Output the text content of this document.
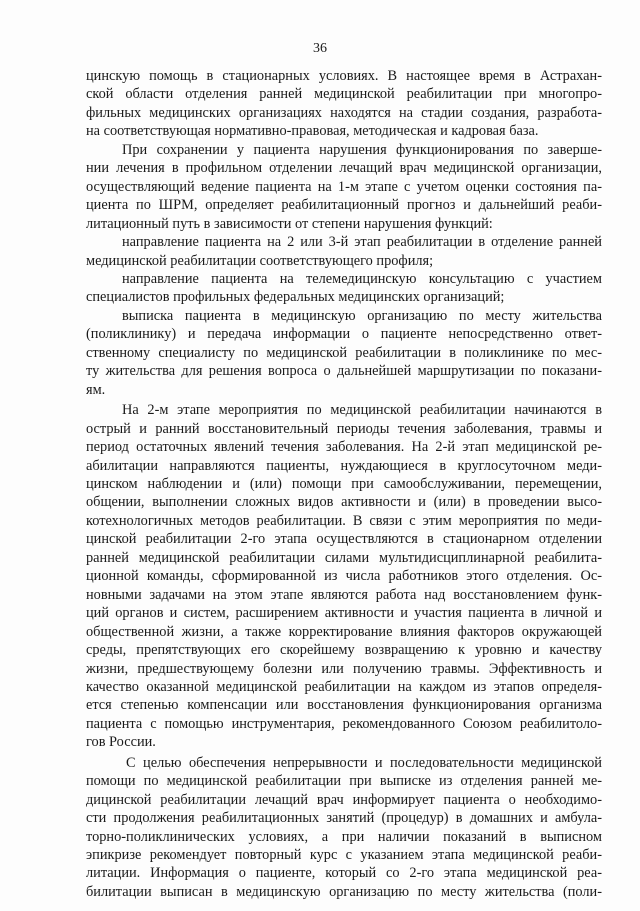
36
цинскую помощь в стационарных условиях. В настоящее время в Астрахан-
ской области отделения ранней медицинской реабилитации при многопро-
фильных медицинских организациях находятся на стадии создания, разработа-
на соответствующая нормативно-правовая, методическая и кадровая база.
При сохранении у пациента нарушения функционирования по заверше-
нии лечения в профильном отделении лечащий врач медицинской организации,
осуществляющий ведение пациента на 1-м этапе с учетом оценки состояния па-
циента по ШРМ, определяет реабилитационный прогноз и дальнейший реаби-
литационный путь в зависимости от степени нарушения функций:
направление пациента на 2 или 3-й этап реабилитации в отделение ранней
медицинской реабилитации соответствующего профиля;
направление пациента на телемедицинскую консультацию с участием
специалистов профильных федеральных медицинских организаций;
выписка пациента в медицинскую организацию по месту жительства
(поликлинику) и передача информации о пациенте непосредственно ответ-
ственному специалисту по медицинской реабилитации в поликлинике по мес-
ту жительства для решения вопроса о дальнейшей маршрутизации по показани-
ям.
На 2-м этапе мероприятия по медицинской реабилитации начинаются в
острый и ранний восстановительный периоды течения заболевания, травмы и
период остаточных явлений течения заболевания. На 2-й этап медицинской ре-
абилитации направляются пациенты, нуждающиеся в круглосуточном меди-
цинском наблюдении и (или) помощи при самообслуживании, перемещении,
общении, выполнении сложных видов активности и (или) в проведении высо-
котехнологичных методов реабилитации. В связи с этим мероприятия по меди-
цинской реабилитации 2-го этапа осуществляются в стационарном отделении
ранней медицинской реабилитации силами мультидисциплинарной реабилита-
ционной команды, сформированной из числа работников этого отделения. Ос-
новными задачами на этом этапе являются работа над восстановлением функ-
ций органов и систем, расширением активности и участия пациента в личной и
общественной жизни, а также корректирование влияния факторов окружающей
среды, препятствующих его скорейшему возвращению к уровню и качеству
жизни, предшествующему болезни или получению травмы. Эффективность и
качество оказанной медицинской реабилитации на каждом из этапов определя-
ется степенью компенсации или восстановления функционирования организма
пациента с помощью инструментария, рекомендованного Союзом реабилитоло-
гов России.
С целью обеспечения непрерывности и последовательности медицинской
помощи по медицинской реабилитации при выписке из отделения ранней ме-
дицинской реабилитации лечащий врач информирует пациента о необходимо-
сти продолжения реабилитационных занятий (процедур) в домашних и амбула-
торно-поликлинических условиях, а при наличии показаний в выписном
эпикризе рекомендует повторный курс с указанием этапа медицинской реаби-
литации. Информация о пациенте, который со 2-го этапа медицинской реа-
билитации выписан в медицинскую организацию по месту жительства (поли-
